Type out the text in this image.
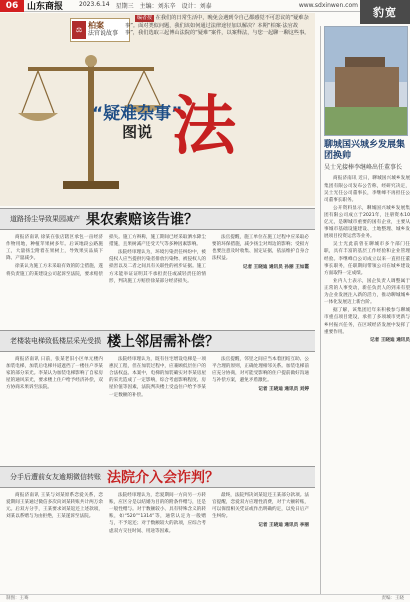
06 山东商报	2023.6.14 星期三 主编：刘东辛 设计：刘泰	www.sdxinwen.com
豹宽
⚖ 柏案
法官说故事
编者按 在我们的日常生活中，晚免会遇到令自己都感觉不可思议的“疑难杂事”。面对类似问题，我们该如何通过法律途径加以解决？本期“柏案·法官故事”，我们选取三起博山法院的“疑难”案件，以案释法，与您一起聊一聊这些事。
“疑难杂事”
图说 法
道路扬尘导致果园减产 果农索赔该告谁？

商报济南讯 徐某在张店辖区承包一亩经济作物用地，种植苹果树多年。后该地段公路施工，大量扬尘附着在果树上，导致果实品质下降、产量减少。

徐某认为施工方未采取有效的防尘措施，遂将负责施工的某建设公司起诉至法院，要求赔偿损失。施工方辩称，施工期间已经采取洒水降尘措施，且果树减产还受天气等多种因素影响。

法院经审理认为，环境污染责任纠纷中，被侵权人应当提供污染者排放污染物、被侵权人的损害以及二者之间具有关联性的初步证据。施工方未能举证证明其不承担责任或减轻责任的情形，判决施工方赔偿徐某部分经济损失。

法官提醒，施工单位在施工过程中应采取必要的环保措施，减少扬尘对周边的影响；受损方也要注意及时收集、固定证据，依法维护自身合法权益。

记者 王晓迪 通讯员 孙丽 王如霞

老楼装电梯致低楼层采光受损 楼上邻居需补偿？

商报济南讯 日前，张某老旧小区单元楼内加装电梯，加装后电梯井道遮挡了一楼住户李某家的部分采光。李某认为加装电梯影响了自家房屋的通风采光，要求楼上住户给予经济补偿，双方协商未果诉至法院。

法院经审理认为，既有住宅增设电梯是一项惠民工程，但在加装过程中，应兼顾低层住户的合法权益。本案中，电梯的加装确实对李某房屋的采光造成了一定影响，综合考虑影响程度、房屋价值等因素，法院判决楼上受益住户给予李某一定数额的补偿。

法官提醒，邻里之间应当本着团结互助、公平合理的原则，正确处理相邻关系。加装电梯前应充分协商，对可能受影响的住户提前做好沟通与补偿方案，避免矛盾激化。

记者 王晓迪 通讯员 刘婷

分手后遭前女友逾期微信转账 法院介入会诈判？

商报济南讯 王某与刘某原系恋爱关系，恋爱期间王某通过微信多次向刘某转账共计两万余元。后双方分手，王某要求刘某返还上述款项，刘某以系赠与为由拒绝，王某遂诉至法院。

法院经审理认为，恋爱期间一方向另一方转账，应区分是以结婚为目的的附条件赠与，还是一般性赠与。对于数额较小、具有特殊含义的转账，如“520”“1314”等，通常认定为一般赠与，不予返还；对于数额较大的款项，应综合考虑双方交往时间、用途等因素。

最终，法院判决刘某返还王某部分款项。法官提醒，恋爱双方应理性消费，对于大额转账，可以保留相关凭证或作出明确约定，以免日后产生纠纷。

记者 王晓迪 通讯员 李丽

聊城国兴城乡发展集团换帅
吴士光接棒李继峰出任董事长

商报济南讯 近日，聊城国兴城乡发展集团有限公司发布公告称，经研究决定，吴士光任公司董事长，李继峰不再担任公司董事长职务。

公开资料显示，聊城国兴城乡发展集团有限公司成立于2021年，注册资本10亿元，是聊城市重要的国有企业，主要从事城市基础设施建设、土地整理、城乡发展项目投资运营等业务。

吴士光此前曾在聊城市多个部门任职，具有丰富的基层工作经验和企业管理经验。李继峰自公司成立以来一直担任董事长职务，任职期间带领公司在城乡建设方面取得一定成绩。

业内人士表示，国企负责人调整属于正常的人事变动，新任负责人的到来有望为企业发展注入新的活力，推动聊城城乡一体化发展迈上新台阶。

据了解，该集团近年来积极参与聊城市重点项目建设，承担了多项城市更新与乡村振兴任务，在区域经济发展中发挥了重要作用。

记者 王晓迪 通讯员

制图：王骞	责编：王晓
